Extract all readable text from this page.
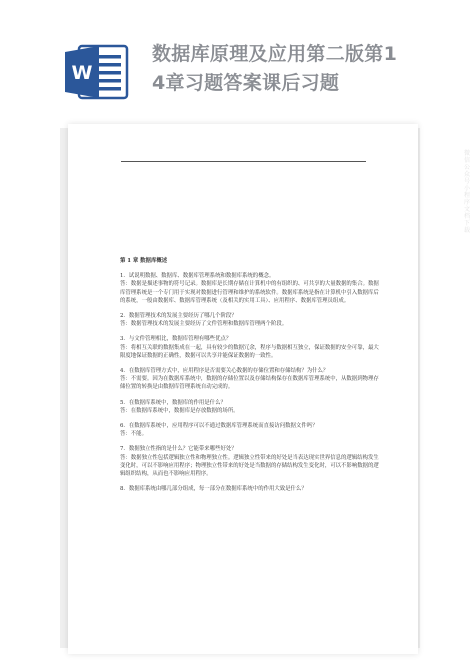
W
数据库原理及应用第二版第1
4章习题答案课后习题
第 1 章 数据库概述
1．试说明数据、数据库、数据库管理系统和数据库系统的概念。
答：数据是描述事物的符号记录。数据库是长期存储在计算机中的有组织的、可共享的大量数据的集合。数据库管理系统是一个专门用于实现对数据进行管理和维护的系统软件。数据库系统是指在计算机中引入数据库后的系统，一般由数据库、数据库管理系统（及相关的实用工具）、应用程序、数据库管理员组成。
2．数据管理技术的发展主要经历了哪几个阶段？
答：数据管理技术的发展主要经历了文件管理和数据库管理两个阶段。
3．与文件管理相比，数据库管理有哪些优点？
答：将相互关联的数据集成在一起，具有较少的数据冗余，程序与数据相互独立，保证数据的安全可靠，最大限度地保证数据的正确性，数据可以共享并能保证数据的一致性。
4．在数据库管理方式中，应用程序是否需要关心数据的存储位置和存储结构？为什么？
答：不需要。因为在数据库系统中，数据的存储位置以及存储结构保存在数据库管理系统中，从数据到物理存储位置的转换是由数据库管理系统自动完成的。
5．在数据库系统中，数据库的作用是什么？
答：在数据库系统中，数据库是存放数据的场所。
6．在数据库系统中，应用程序可以不通过数据库管理系统而直接访问数据文件吗？
答：不能。
7．数据独立性指的是什么？它能带来哪些好处？
答：数据独立性包括逻辑独立性和物理独立性。逻辑独立性带来的好处是当表达现实世界信息的逻辑结构发生变化时，可以不影响应用程序；物理独立性带来的好处是当数据的存储结构发生变化时，可以不影响数据的逻辑组织结构，从而也不影响应用程序。
8．数据库系统由哪几部分组成，每一部分在数据库系统中的作用大致是什么？
微信公众号小程序文档下载
